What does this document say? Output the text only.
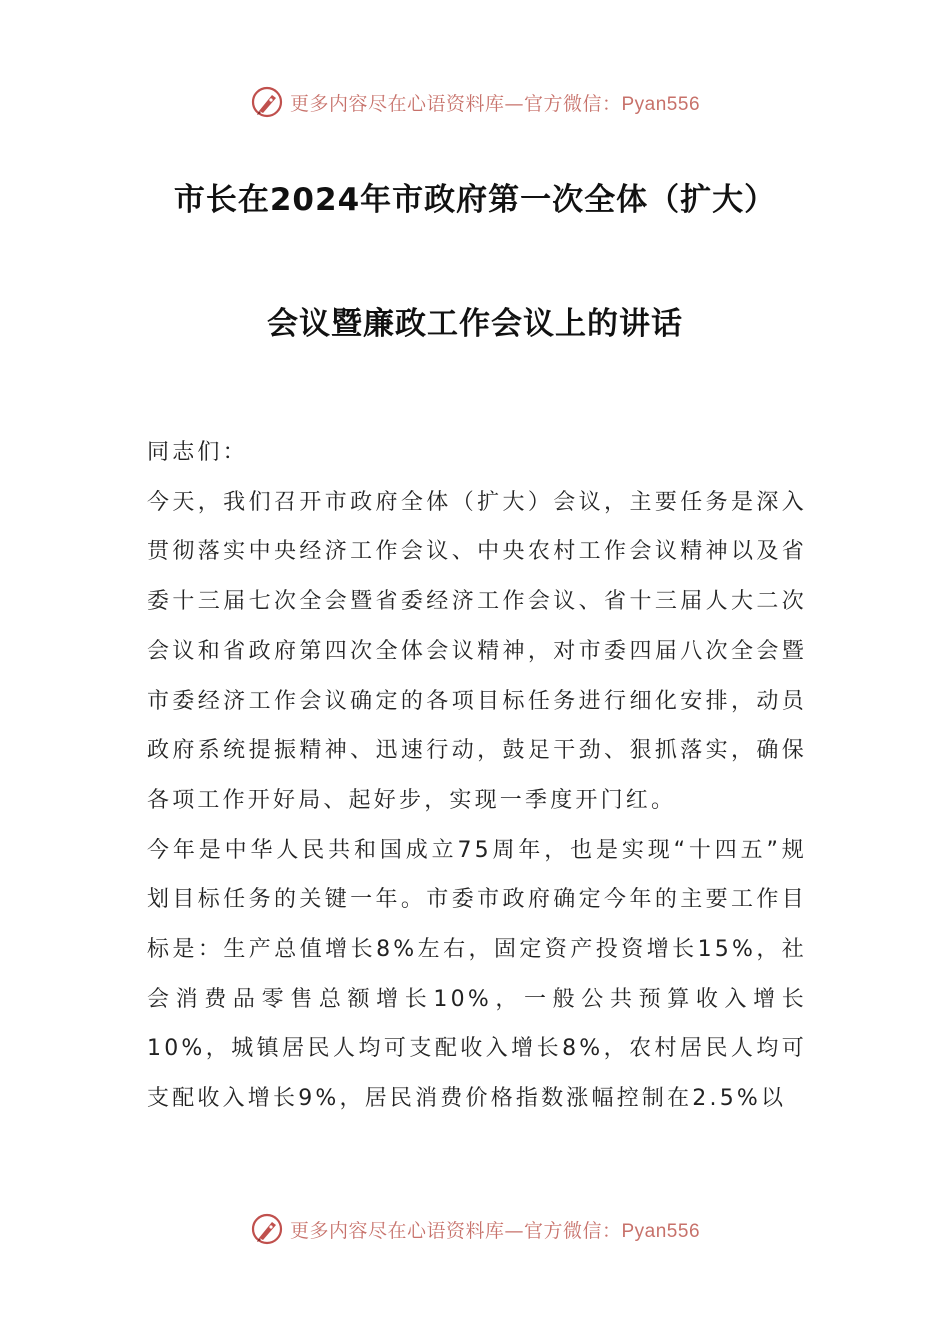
更多内容尽在心语资料库—官方微信：Pyan556
市长在2024年市政府第一次全体（扩大）
会议暨廉政工作会议上的讲话

同志们：

今天，我们召开市政府全体（扩大）会议，主要任务是深入贯彻落实中央经济工作会议、中央农村工作会议精神以及省委十三届七次全会暨省委经济工作会议、省十三届人大二次会议和省政府第四次全体会议精神，对市委四届八次全会暨市委经济工作会议确定的各项目标任务进行细化安排，动员政府系统提振精神、迅速行动，鼓足干劲、狠抓落实，确保各项工作开好局、起好步，实现一季度开门红。

今年是中华人民共和国成立75周年，也是实现“十四五”规划目标任务的关键一年。市委市政府确定今年的主要工作目标是：生产总值增长8%左右，固定资产投资增长15%，社会消费品零售总额增长10%，一般公共预算收入增长10%，城镇居民人均可支配收入增长8%，农村居民人均可支配收入增长9%，居民消费价格指数涨幅控制在2.5%以

更多内容尽在心语资料库—官方微信：Pyan556
